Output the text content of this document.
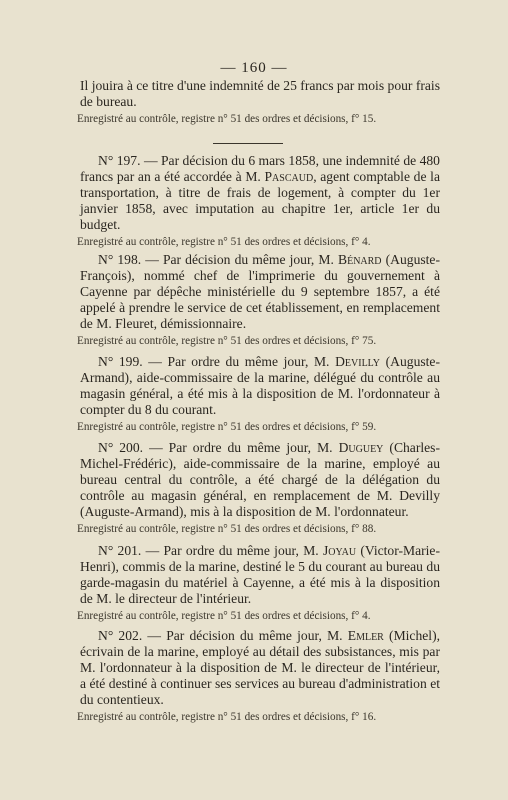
— 160 —

Il jouira à ce titre d'une indemnité de 25 francs par mois pour frais de bureau.

Enregistré au contrôle, registre n° 51 des ordres et décisions, f° 15.

N° 197. — Par décision du 6 mars 1858, une indemnité de 480 francs par an a été accordée à M. Pascaud, agent comptable de la transportation, à titre de frais de logement, à compter du 1er janvier 1858, avec imputation au chapitre 1er, article 1er du budget.

Enregistré au contrôle, registre n° 51 des ordres et décisions, f° 4.

N° 198. — Par décision du même jour, M. Bénard (Auguste-François), nommé chef de l'imprimerie du gouvernement à Cayenne par dépêche ministérielle du 9 septembre 1857, a été appelé à prendre le service de cet établissement, en remplacement de M. Fleuret, démissionnaire.

Enregistré au contrôle, registre n° 51 des ordres et décisions, f° 75.

N° 199. — Par ordre du même jour, M. Devilly (Auguste-Armand), aide-commissaire de la marine, délégué du contrôle au magasin général, a été mis à la disposition de M. l'ordonnateur à compter du 8 du courant.

Enregistré au contrôle, registre n° 51 des ordres et décisions, f° 59.

N° 200. — Par ordre du même jour, M. Duguey (Charles-Michel-Frédéric), aide-commissaire de la marine, employé au bureau central du contrôle, a été chargé de la délégation du contrôle au magasin général, en remplacement de M. Devilly (Auguste-Armand), mis à la disposition de M. l'ordonnateur.

Enregistré au contrôle, registre n° 51 des ordres et décisions, f° 88.

N° 201. — Par ordre du même jour, M. Joyau (Victor-Marie-Henri), commis de la marine, destiné le 5 du courant au bureau du garde-magasin du matériel à Cayenne, a été mis à la disposition de M. le directeur de l'intérieur.

Enregistré au contrôle, registre n° 51 des ordres et décisions, f° 4.

N° 202. — Par décision du même jour, M. Emler (Michel), écrivain de la marine, employé au détail des subsistances, mis par M. l'ordonnateur à la disposition de M. le directeur de l'intérieur, a été destiné à continuer ses services au bureau d'administration et du contentieux.

Enregistré au contrôle, registre n° 51 des ordres et décisions, f° 16.
